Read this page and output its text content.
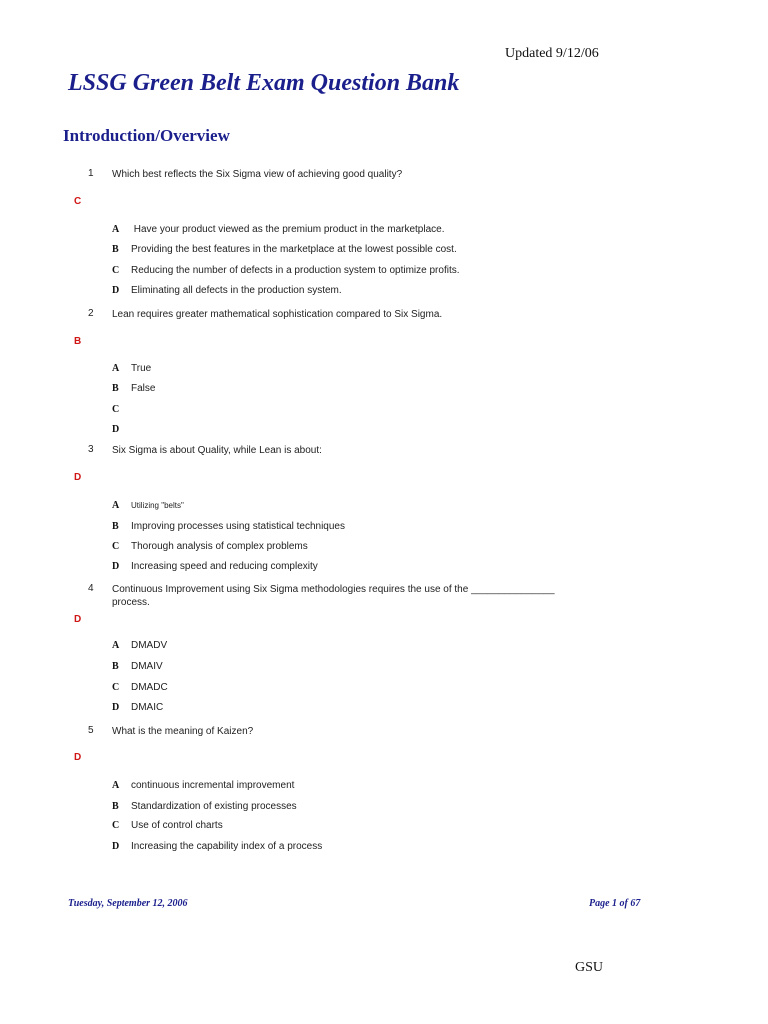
Updated 9/12/06
LSSG Green Belt Exam Question Bank
Introduction/Overview
1 Which best reflects the Six Sigma view of achieving good quality?
C
A Have your product viewed as the premium product in the marketplace.
B Providing the best features in the marketplace at the lowest possible cost.
C Reducing the number of defects in a production system to optimize profits.
D Eliminating all defects in the production system.
2 Lean requires greater mathematical sophistication compared to Six Sigma.
B
A True
B False
C
D
3 Six Sigma is about Quality, while Lean is about:
D
A Utilizing "belts"
B Improving processes using statistical techniques
C Thorough analysis of complex problems
D Increasing speed and reducing complexity
4 Continuous Improvement using Six Sigma methodologies requires the use of the _______________ process.
D
A DMADV
B DMAIV
C DMADC
D DMAIC
5 What is the meaning of Kaizen?
D
A continuous incremental improvement
B Standardization of existing processes
C Use of control charts
D Increasing the capability index of a process
Tuesday, September 12, 2006	Page 1 of 67
GSU
